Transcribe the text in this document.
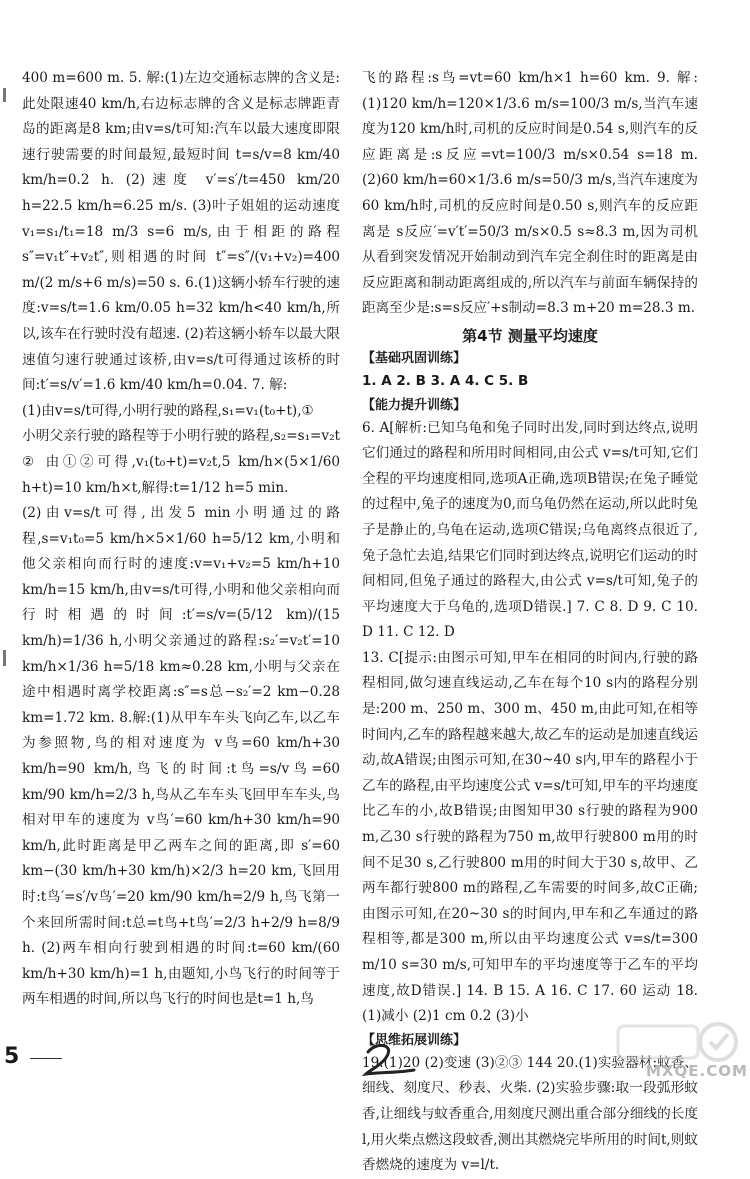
400 m=600 m. 5. 解:(1)左边交通标志牌的含义是:此处限速40 km/h,右边标志牌的含义是标志牌距青岛的距离是8 km;由v=s/t可知:汽车以最大速度即限速行驶需要的时间最短,最短时间 t=s/v=8 km/40 km/h=0.2 h. (2)速度 v′=s′/t=450 km/20 h=22.5 km/h=6.25 m/s. (3)叶子姐姐的运动速度 v₁=s₁/t₁=18 m/3 s=6 m/s,由于相距的路程 s″=v₁t″+v₂t″,则相遇的时间 t″=s″/(v₁+v₂)=400 m/(2 m/s+6 m/s)=50 s. 6.(1)这辆小轿车行驶的速度:v=s/t=1.6 km/0.05 h=32 km/h<40 km/h,所以,该车在行驶时没有超速. (2)若这辆小轿车以最大限速值匀速行驶通过该桥,由v=s/t可得通过该桥的时间:t′=s/v′=1.6 km/40 km/h=0.04. 7. 解:

(1)由v=s/t可得,小明行驶的路程,s₁=v₁(t₀+t),①

小明父亲行驶的路程等于小明行驶的路程,s₂=s₁=v₂t ② 由①②可得,v₁(t₀+t)=v₂t,5 km/h×(5×1/60 h+t)=10 km/h×t,解得:t=1/12 h=5 min.

(2)由v=s/t可得,出发5 min小明通过的路程,s=v₁t₀=5 km/h×5×1/60 h=5/12 km,小明和他父亲相向而行时的速度:v=v₁+v₂=5 km/h+10 km/h=15 km/h,由v=s/t可得,小明和他父亲相向而行时相遇的时间:t′=s/v=(5/12 km)/(15 km/h)=1/36 h,小明父亲通过的路程:s₂′=v₂t′=10 km/h×1/36 h=5/18 km≈0.28 km,小明与父亲在途中相遇时离学校距离:s″=s总−s₂′=2 km−0.28 km=1.72 km. 8.解:(1)从甲车车头飞向乙车,以乙车为参照物,鸟的相对速度为 v鸟=60 km/h+30 km/h=90 km/h,鸟飞的时间:t鸟=s/v鸟=60 km/90 km/h=2/3 h,鸟从乙车车头飞回甲车车头,鸟相对甲车的速度为 v鸟′=60 km/h+30 km/h=90 km/h,此时距离是甲乙两车之间的距离,即 s′=60 km−(30 km/h+30 km/h)×2/3 h=20 km,飞回用时:t鸟′=s′/v鸟′=20 km/90 km/h=2/9 h,鸟飞第一个来回所需时间:t总=t鸟+t鸟′=2/3 h+2/9 h=8/9 h. (2)两车相向行驶到相遇的时间:t=60 km/(60 km/h+30 km/h)=1 h,由题知,小鸟飞行的时间等于两车相遇的时间,所以鸟飞行的时间也是t=1 h,鸟

飞的路程:s鸟=vt=60 km/h×1 h=60 km. 9. 解:(1)120 km/h=120×1/3.6 m/s=100/3 m/s,当汽车速度为120 km/h时,司机的反应时间是0.54 s,则汽车的反应距离是:s反应=vt=100/3 m/s×0.54 s=18 m. (2)60 km/h=60×1/3.6 m/s=50/3 m/s,当汽车速度为60 km/h时,司机的反应时间是0.50 s,则汽车的反应距离是 s反应′=v′t′=50/3 m/s×0.5 s≈8.3 m,因为司机从看到突发情况开始制动到汽车完全刹住时的距离是由反应距离和制动距离组成的,所以汽车与前面车辆保持的距离至少是:s=s反应′+s制动=8.3 m+20 m=28.3 m.

第4节 测量平均速度
【基础巩固训练】

1. A 2. B 3. A 4. C 5. B

【能力提升训练】

6. A[解析:已知乌龟和兔子同时出发,同时到达终点,说明它们通过的路程和所用时间相同,由公式 v=s/t可知,它们全程的平均速度相同,选项A正确,选项B错误;在兔子睡觉的过程中,兔子的速度为0,而乌龟仍然在运动,所以此时兔子是静止的,乌龟在运动,选项C错误;乌龟离终点很近了,兔子急忙去追,结果它们同时到达终点,说明它们运动的时间相同,但兔子通过的路程大,由公式 v=s/t可知,兔子的平均速度大于乌龟的,选项D错误.] 7. C 8. D 9. C 10. D 11. C 12. D

13. C[提示:由图示可知,甲车在相同的时间内,行驶的路程相同,做匀速直线运动,乙车在每个10 s内的路程分别是:200 m、250 m、300 m、450 m,由此可知,在相等时间内,乙车的路程越来越大,故乙车的运动是加速直线运动,故A错误;由图示可知,在30~40 s内,甲车的路程小于乙车的路程,由平均速度公式 v=s/t可知,甲车的平均速度比乙车的小,故B错误;由图知甲30 s行驶的路程为900 m,乙30 s行驶的路程为750 m,故甲行驶800 m用的时间不足30 s,乙行驶800 m用的时间大于30 s,故甲、乙两车都行驶800 m的路程,乙车需要的时间多,故C正确;由图示可知,在20~30 s的时间内,甲车和乙车通过的路程相等,都是300 m,所以由平均速度公式 v=s/t=300 m/10 s=30 m/s,可知甲车的平均速度等于乙车的平均速度,故D错误.] 14. B 15. A 16. C 17. 60 运动 18.(1)减小 (2)1 cm 0.2 (3)小

【思维拓展训练】

19.(1)20 (2)变速 (3)②③ 144 20.(1)实验器材:蚊香、细线、刻度尺、秒表、火柴. (2)实验步骤:取一段弧形蚊香,让细线与蚊香重合,用刻度尺测出重合部分细线的长度l,用火柴点燃这段蚊香,测出其燃烧完毕所用的时间t,则蚊香燃烧的速度为 v=l/t.

5
MXQE.COM
